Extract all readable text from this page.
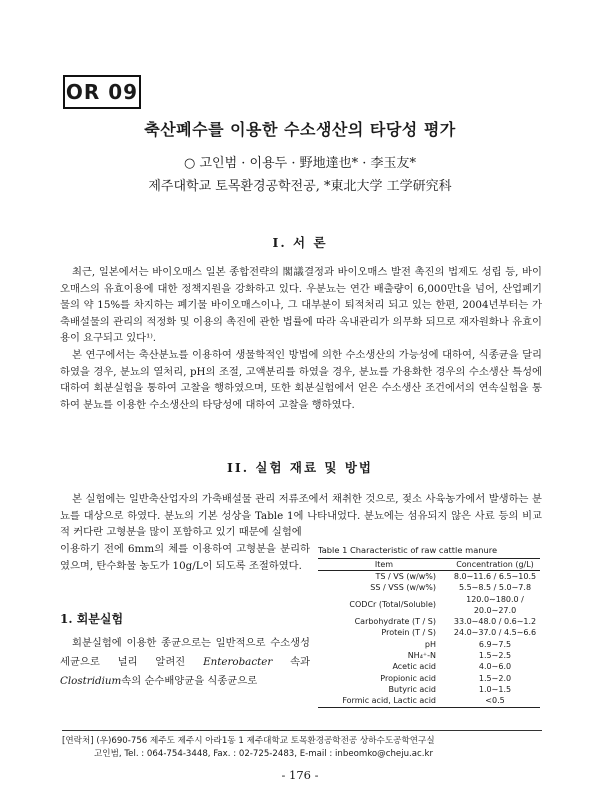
OR 09
축산폐수를 이용한 수소생산의 타당성 평가
○ 고인범 · 이용두 · 野地達也* · 李玉友*
제주대학교 토목환경공학전공, *東北大学 工学研究科
I. 서 론

최근, 일본에서는 바이오매스 일본 종합전략의 閣議결정과 바이오매스 발전 촉진의 법제도 성립 등, 바이오매스의 유효이용에 대한 정책지원을 강화하고 있다. 우분뇨는 연간 배출량이 6,000만t을 넘어, 산업폐기물의 약 15%를 차지하는 폐기물 바이오매스이나, 그 대부분이 퇴적처리 되고 있는 한편, 2004년부터는 가축배설물의 관리의 적정화 및 이용의 촉진에 관한 법률에 따라 옥내관리가 의무화 되므로 재자원화나 유효이용이 요구되고 있다¹⁾.

본 연구에서는 축산분뇨를 이용하여 생물학적인 방법에 의한 수소생산의 가능성에 대하여, 식종균을 달리하였을 경우, 분뇨의 열처리, pH의 조절, 고액분리를 하였을 경우, 분뇨를 가용화한 경우의 수소생산 특성에 대하여 회분실험을 통하여 고찰을 행하였으며, 또한 회분실험에서 얻은 수소생산 조건에서의 연속실험을 통하여 분뇨를 이용한 수소생산의 타당성에 대하여 고찰을 행하였다.

II. 실험 재료 및 방법

본 실험에는 일반축산업자의 가축배설물 관리 저류조에서 채취한 것으로, 젖소 사육농가에서 발생하는 분뇨를 대상으로 하였다. 분뇨의 기본 성상을 Table 1에 나타내었다. 분뇨에는 섬유되지 않은 사료 등의 비교적 커다란 고형분을 많이 포함하고 있기 때문에 실험에

이용하기 전에 6mm의 체를 이용하여 고형분을 분리하였으며, 탄수화물 농도가 10g/L이 되도록 조절하였다.

1. 회분실험

회분실험에 이용한 종균으로는 일반적으로 수소생성 세균으로 널리 알려진 Enterobacter 속과 Clostridium속의 순수배양균을 식종균으로

Table 1 Characteristic of raw cattle manure
Item	Concentration (g/L)
TS / VS (w/w%)	8.0∼11.6 / 6.5∼10.5
SS / VSS (w/w%)	5.5∼8.5 / 5.0∼7.8
CODCr (Total/Soluble)	120.0∼180.0 / 20.0∼27.0
Carbohydrate (T / S)	33.0∼48.0 / 0.6∼1.2
Protein (T / S)	24.0∼37.0 / 4.5∼6.6
pH	6.9∼7.5
NH₄⁺-N	1.5∼2.5
Acetic acid	4.0∼6.0
Propionic acid	1.5∼2.0
Butyric acid	1.0∼1.5
Formic acid, Lactic acid	<0.5
[연락처] (우)690-756 제주도 제주시 아라1동 1 제주대학교 토목환경공학전공 상하수도공학연구실
고인범, Tel. : 064-754-3448, Fax. : 02-725-2483, E-mail : inbeomko@cheju.ac.kr
- 176 -
